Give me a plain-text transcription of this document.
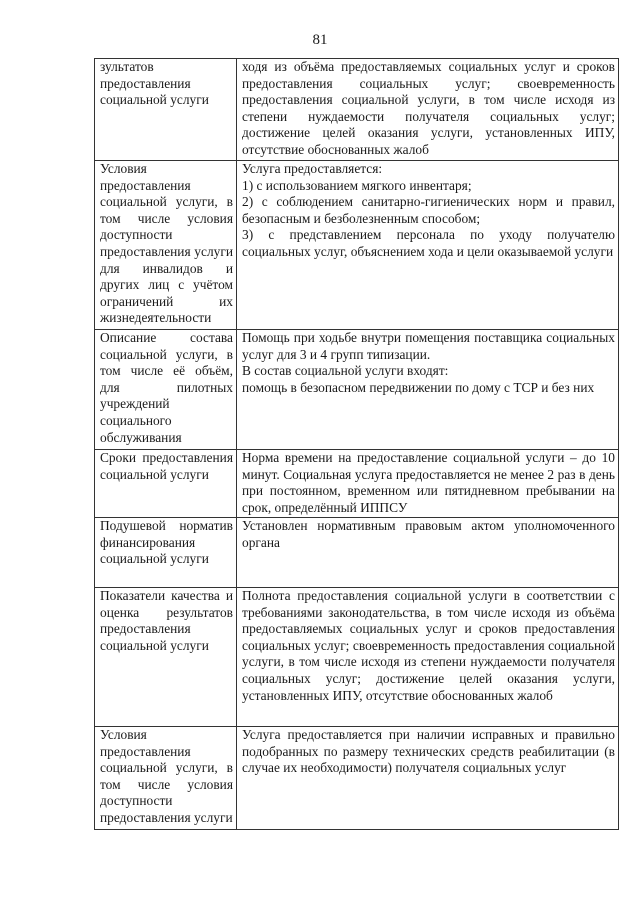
81
зультатов предоставления социальной услуги	ходя из объёма предоставляемых социальных услуг и сроков предоставления социальных услуг; своевременность предоставления социальной услуги, в том числе исходя из степени нуждаемости получателя социальных услуг; достижение целей оказания услуги, установленных ИПУ, отсутствие обоснованных жалоб

Условия предоставления социальной услуги, в том числе условия доступности предоставления услуги для инвалидов и других лиц с учётом ограничений их жизнедеятельности	Услуга предоставляется:
1) с использованием мягкого инвентаря;
2) с соблюдением санитарно-гигиенических норм и правил, безопасным и безболезненным способом;
3) с представлением персонала по уходу получателю социальных услуг, объяснением хода и цели оказываемой услуги

Описание состава социальной услуги, в том числе её объём, для пилотных учреждений социального обслуживания	Помощь при ходьбе внутри помещения поставщика социальных услуг для 3 и 4 групп типизации.
В состав социальной услуги входят:
помощь в безопасном передвижении по дому с ТСР и без них

Сроки предоставления социальной услуги	Норма времени на предоставление социальной услуги – до 10 минут. Социальная услуга предоставляется не менее 2 раз в день при постоянном, временном или пятидневном пребывании на срок, определённый ИППСУ

Подушевой норматив финансирования социальной услуги	Установлен нормативным правовым актом уполномоченного органа

Показатели качества и оценка результатов предоставления социальной услуги	Полнота предоставления социальной услуги в соответствии с требованиями законодательства, в том числе исходя из объёма предоставляемых социальных услуг и сроков предоставления социальных услуг; своевременность предоставления социальной услуги, в том числе исходя из степени нуждаемости получателя социальных услуг; достижение целей оказания услуги, установленных ИПУ, отсутствие обоснованных жалоб

Условия предоставления социальной услуги, в том числе условия доступности предоставления услуги	Услуга предоставляется при наличии исправных и правильно подобранных по размеру технических средств реабилитации (в случае их необходимости) получателя социальных услуг
